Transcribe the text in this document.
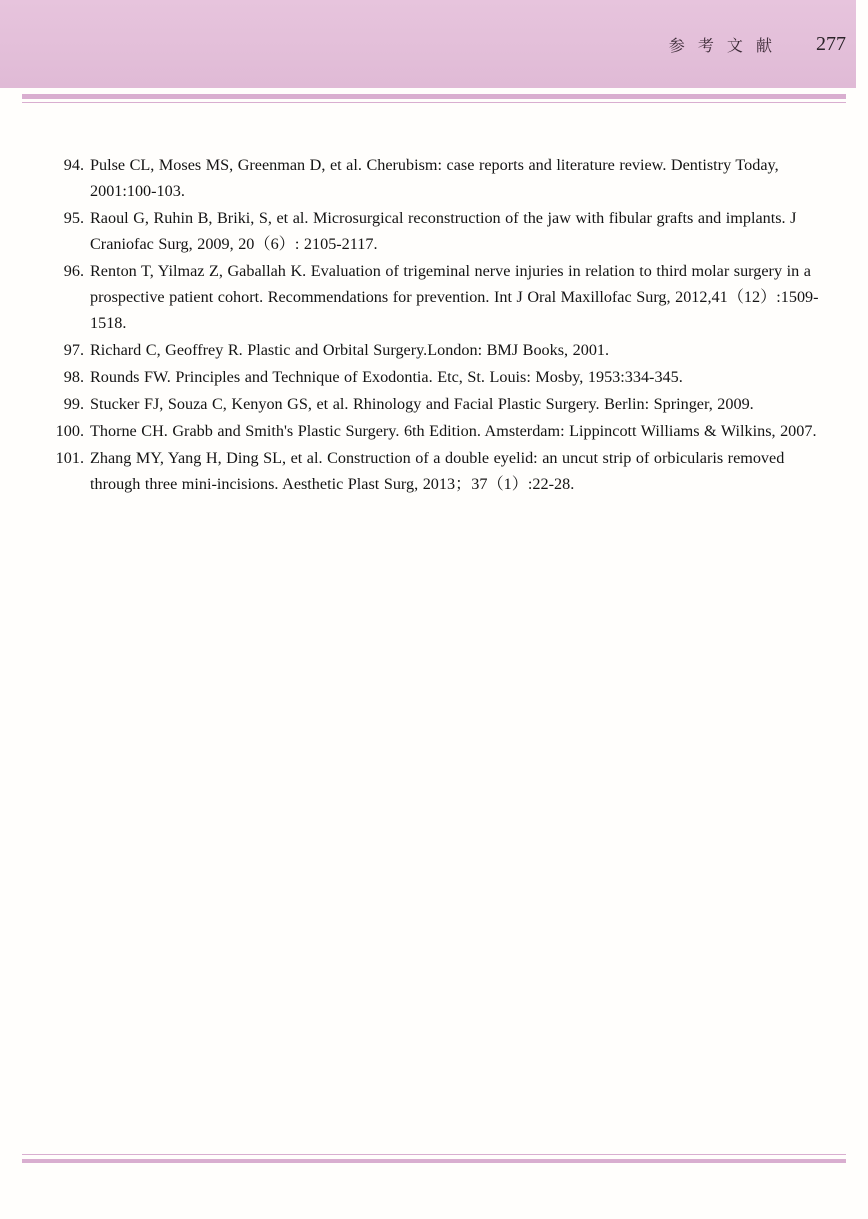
参 考 文 献	277
94. Pulse CL, Moses MS, Greenman D, et al. Cherubism: case reports and literature review. Dentistry Today, 2001:100-103.
95. Raoul G, Ruhin B, Briki, S, et al. Microsurgical reconstruction of the jaw with fibular grafts and implants. J Craniofac Surg, 2009, 20（6）: 2105-2117.
96. Renton T, Yilmaz Z, Gaballah K. Evaluation of trigeminal nerve injuries in relation to third molar surgery in a prospective patient cohort. Recommendations for prevention. Int J Oral Maxillofac Surg, 2012,41（12）:1509-1518.
97. Richard C, Geoffrey R. Plastic and Orbital Surgery.London: BMJ Books, 2001.
98. Rounds FW. Principles and Technique of Exodontia. Etc, St. Louis: Mosby, 1953:334-345.
99. Stucker FJ, Souza C, Kenyon GS, et al. Rhinology and Facial Plastic Surgery. Berlin: Springer, 2009.
100. Thorne CH. Grabb and Smith's Plastic Surgery. 6th Edition. Amsterdam: Lippincott Williams & Wilkins, 2007.
101. Zhang MY, Yang H, Ding SL, et al. Construction of a double eyelid: an uncut strip of orbicularis removed through three mini-incisions. Aesthetic Plast Surg, 2013；37（1）:22-28.
